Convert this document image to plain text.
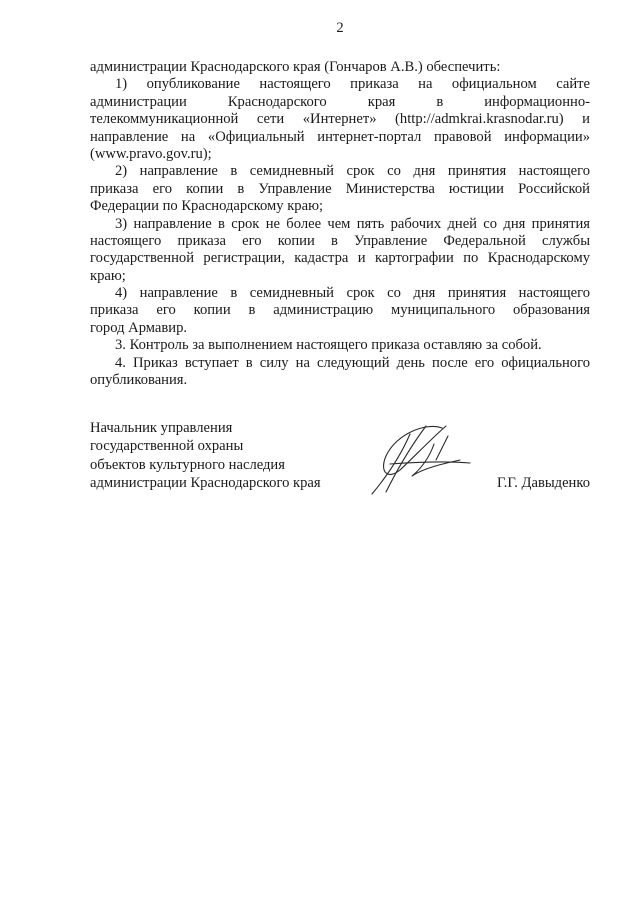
2
администрации Краснодарского края (Гончаров А.В.) обеспечить:
1) опубликование настоящего приказа на официальном сайте
администрации Краснодарского края в информационно-
телекоммуникационной сети «Интернет» (http://admkrai.krasnodar.ru) и
направление на «Официальный интернет-портал правовой информации»
(www.pravo.gov.ru);
2) направление в семидневный срок со дня принятия настоящего
приказа его копии в Управление Министерства юстиции Российской
Федерации по Краснодарскому краю;
3) направление в срок не более чем пять рабочих дней со дня принятия
настоящего приказа его копии в Управление Федеральной службы
государственной регистрации, кадастра и картографии по Краснодарскому
краю;
4) направление в семидневный срок со дня принятия настоящего
приказа его копии в администрацию муниципального образования
город Армавир.
3. Контроль за выполнением настоящего приказа оставляю за собой.
4. Приказ вступает в силу на следующий день после его официального
опубликования.
Начальник управления
государственной охраны
объектов культурного наследия
администрации Краснодарского края	Г.Г. Давыденко
